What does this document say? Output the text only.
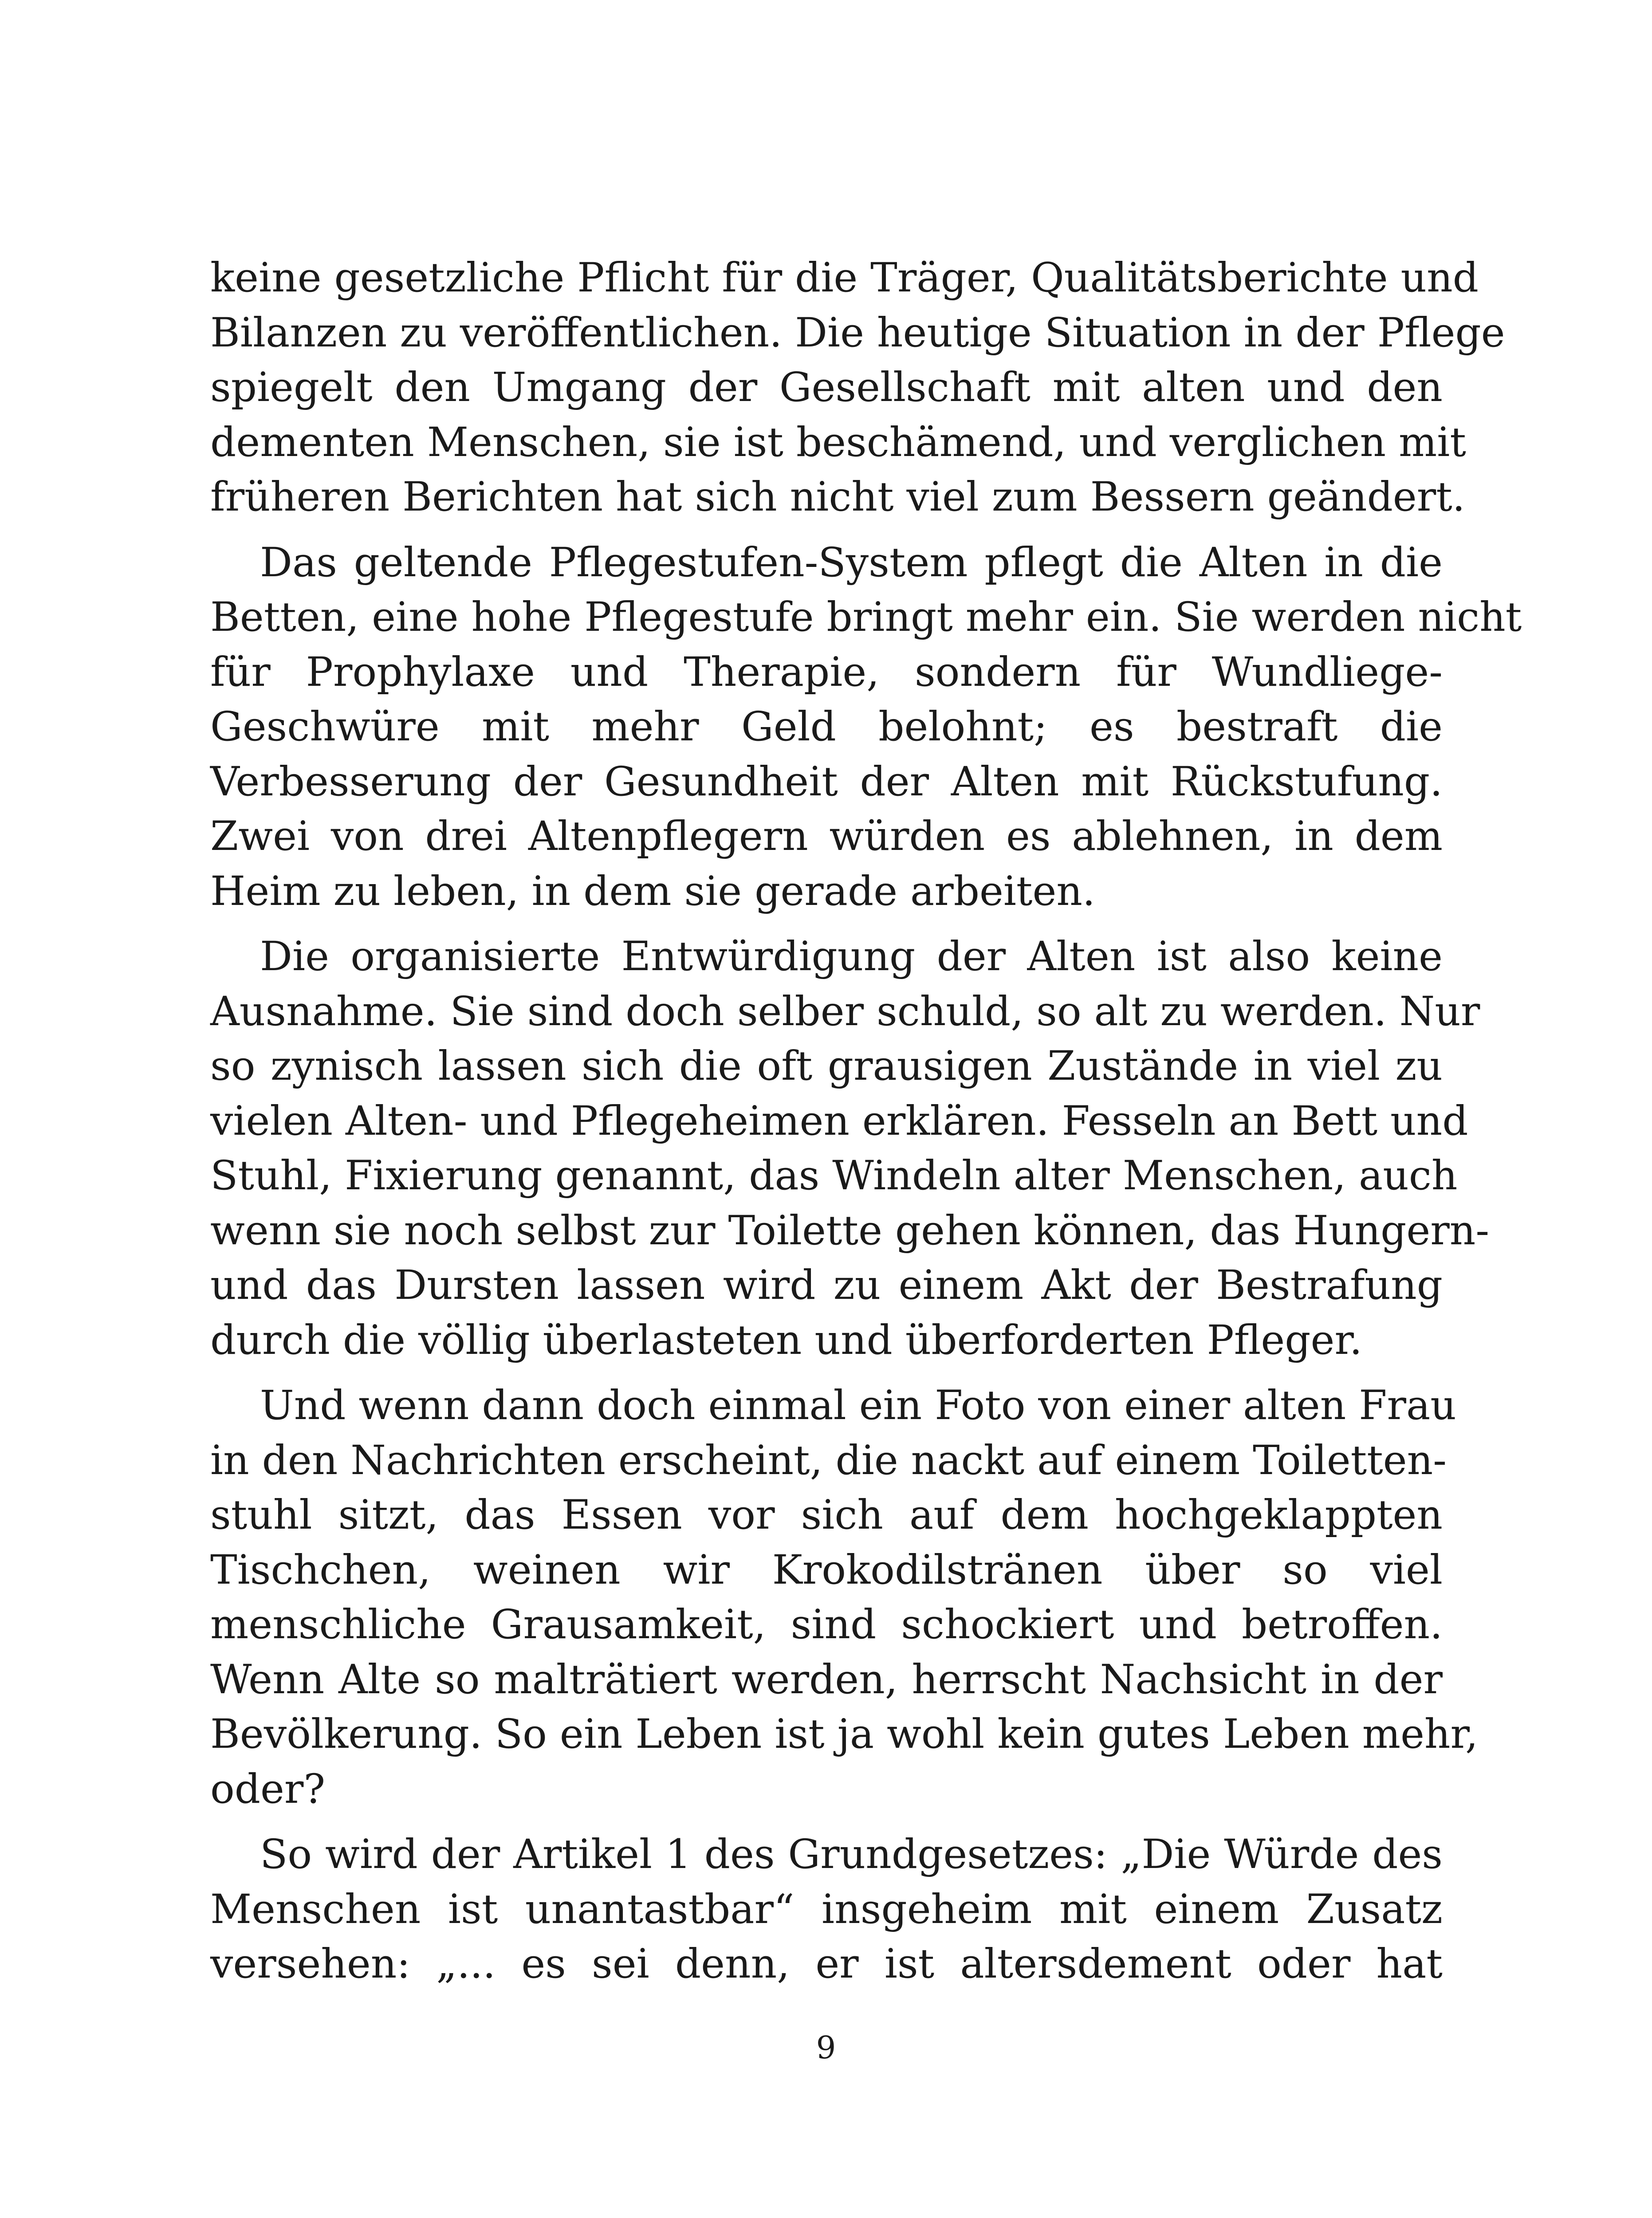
keine gesetzliche Pflicht für die Träger, Qualitätsberichte und
Bilanzen zu veröffentlichen. Die heutige Situation in der Pflege
spiegelt den Umgang der Gesellschaft mit alten und den
dementen Menschen, sie ist beschämend, und verglichen mit
früheren Berichten hat sich nicht viel zum Bessern geändert.
Das geltende Pflegestufen-System pflegt die Alten in die
Betten, eine hohe Pflegestufe bringt mehr ein. Sie werden nicht
für Prophylaxe und Therapie, sondern für Wundliege-
Geschwüre mit mehr Geld belohnt; es bestraft die
Verbesserung der Gesundheit der Alten mit Rückstufung.
Zwei von drei Altenpflegern würden es ablehnen, in dem
Heim zu leben, in dem sie gerade arbeiten.
Die organisierte Entwürdigung der Alten ist also keine
Ausnahme. Sie sind doch selber schuld, so alt zu werden. Nur
so zynisch lassen sich die oft grausigen Zustände in viel zu
vielen Alten- und Pflegeheimen erklären. Fesseln an Bett und
Stuhl, Fixierung genannt, das Windeln alter Menschen, auch
wenn sie noch selbst zur Toilette gehen können, das Hungern-
und das Dursten lassen wird zu einem Akt der Bestrafung
durch die völlig überlasteten und überforderten Pfleger.
Und wenn dann doch einmal ein Foto von einer alten Frau
in den Nachrichten erscheint, die nackt auf einem Toiletten-
stuhl sitzt, das Essen vor sich auf dem hochgeklappten
Tischchen, weinen wir Krokodilstränen über so viel
menschliche Grausamkeit, sind schockiert und betroffen.
Wenn Alte so malträtiert werden, herrscht Nachsicht in der
Bevölkerung. So ein Leben ist ja wohl kein gutes Leben mehr,
oder?
So wird der Artikel 1 des Grundgesetzes: „Die Würde des
Menschen ist unantastbar“ insgeheim mit einem Zusatz
versehen: „... es sei denn, er ist altersdement oder hat
9
